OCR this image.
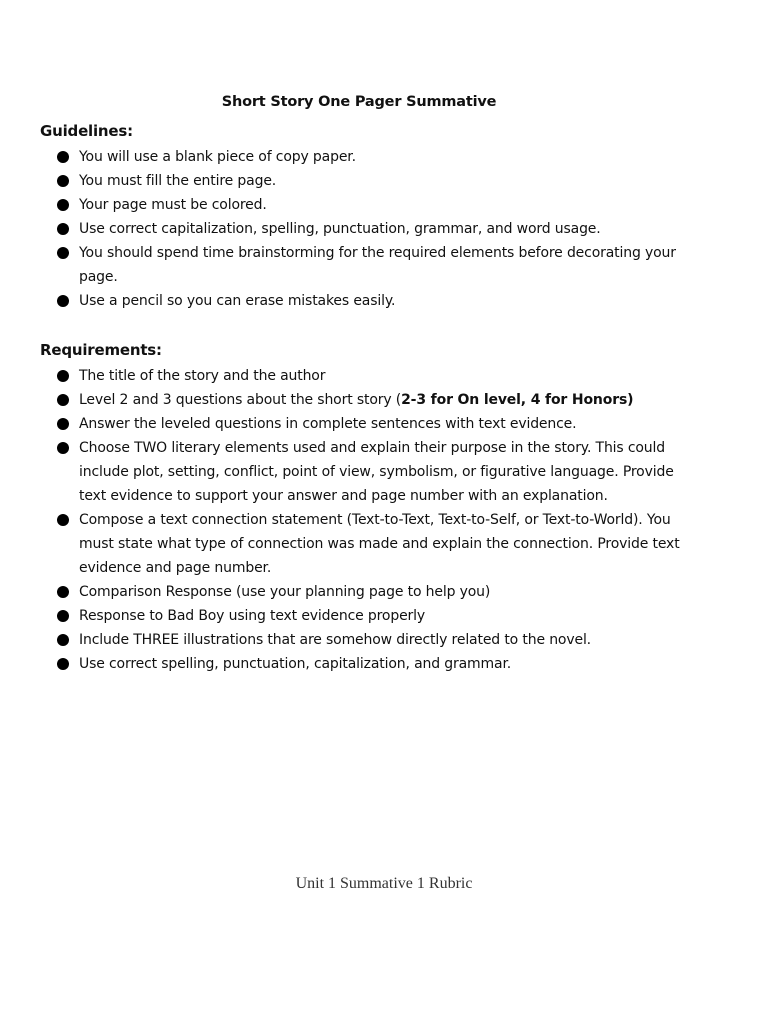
Short Story One Pager Summative
Guidelines:
You will use a blank piece of copy paper.
You must fill the entire page.
Your page must be colored.
Use correct capitalization, spelling, punctuation, grammar, and word usage.
You should spend time brainstorming for the required elements before decorating your page.
Use a pencil so you can erase mistakes easily.
Requirements:
The title of the story and the author
Level 2 and 3 questions about the short story (2-3 for On level, 4 for Honors)
Answer the leveled questions in complete sentences with text evidence.
Choose TWO literary elements used and explain their purpose in the story. This could include plot, setting, conflict, point of view, symbolism, or figurative language. Provide text evidence to support your answer and page number with an explanation.
Compose a text connection statement (Text-to-Text, Text-to-Self, or Text-to-World). You must state what type of connection was made and explain the connection. Provide text evidence and page number.
Comparison Response (use your planning page to help you)
Response to Bad Boy using text evidence properly
Include THREE illustrations that are somehow directly related to the novel.
Use correct spelling, punctuation, capitalization, and grammar.
Unit 1 Summative 1 Rubric
